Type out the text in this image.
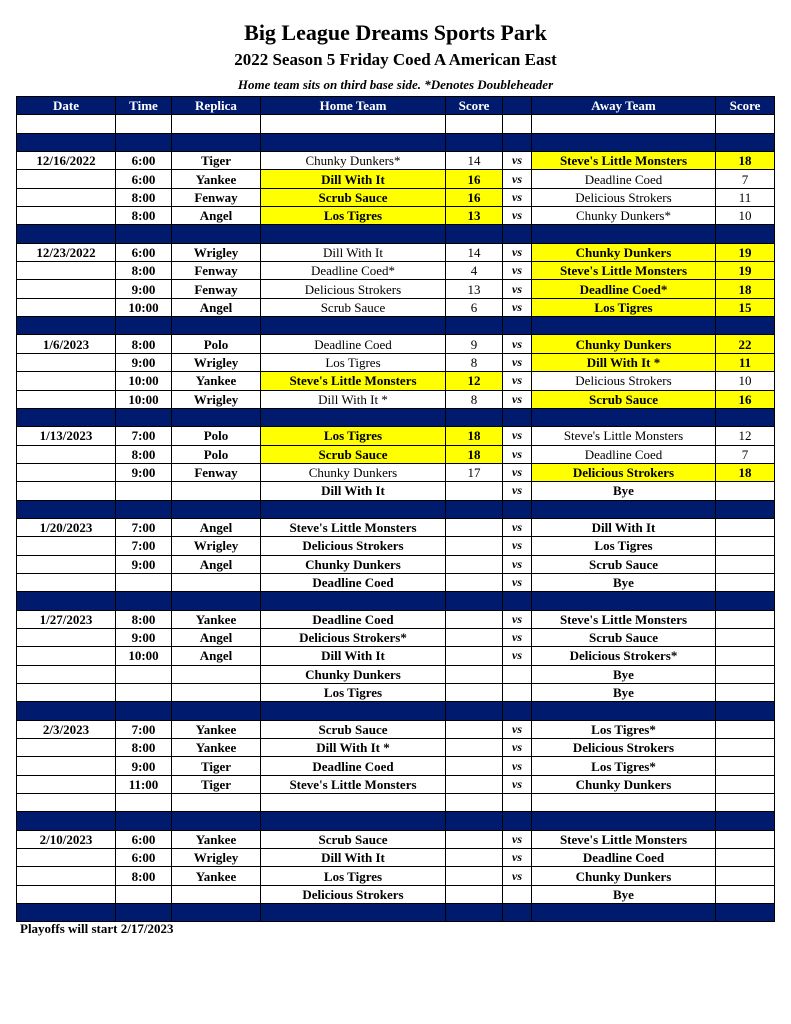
Big League Dreams Sports Park
2022 Season 5 Friday Coed A American East
Home team sits on third base side. *Denotes Doubleheader
Date	Time	Replica	Home Team	Score		Away Team	Score

12/16/2022	6:00	Tiger	Chunky Dunkers*	14	vs	Steve's Little Monsters	18
	6:00	Yankee	Dill With It	16	vs	Deadline Coed	7
	8:00	Fenway	Scrub Sauce	16	vs	Delicious Strokers	11
	8:00	Angel	Los Tigres	13	vs	Chunky Dunkers*	10

12/23/2022	6:00	Wrigley	Dill With It	14	vs	Chunky Dunkers	19
	8:00	Fenway	Deadline Coed*	4	vs	Steve's Little Monsters	19
	9:00	Fenway	Delicious Strokers	13	vs	Deadline Coed*	18
	10:00	Angel	Scrub Sauce	6	vs	Los Tigres	15

1/6/2023	8:00	Polo	Deadline Coed	9	vs	Chunky Dunkers	22
	9:00	Wrigley	Los Tigres	8	vs	Dill With It *	11
	10:00	Yankee	Steve's Little Monsters	12	vs	Delicious Strokers	10
	10:00	Wrigley	Dill With It *	8	vs	Scrub Sauce	16

1/13/2023	7:00	Polo	Los Tigres	18	vs	Steve's Little Monsters	12
	8:00	Polo	Scrub Sauce	18	vs	Deadline Coed	7
	9:00	Fenway	Chunky Dunkers	17	vs	Delicious Strokers	18
			Dill With It		vs	Bye	

1/20/2023	7:00	Angel	Steve's Little Monsters		vs	Dill With It	
	7:00	Wrigley	Delicious Strokers		vs	Los Tigres	
	9:00	Angel	Chunky Dunkers		vs	Scrub Sauce	
			Deadline Coed		vs	Bye	

1/27/2023	8:00	Yankee	Deadline Coed		vs	Steve's Little Monsters	
	9:00	Angel	Delicious Strokers*		vs	Scrub Sauce	
	10:00	Angel	Dill With It		vs	Delicious Strokers*	
			Chunky Dunkers			Bye	
			Los Tigres			Bye	

2/3/2023	7:00	Yankee	Scrub Sauce		vs	Los Tigres*	
	8:00	Yankee	Dill With It *		vs	Delicious Strokers	
	9:00	Tiger	Deadline Coed		vs	Los Tigres*	
	11:00	Tiger	Steve's Little Monsters		vs	Chunky Dunkers	

2/10/2023	6:00	Yankee	Scrub Sauce		vs	Steve's Little Monsters	
	6:00	Wrigley	Dill With It		vs	Deadline Coed	
	8:00	Yankee	Los Tigres		vs	Chunky Dunkers	
			Delicious Strokers			Bye	

Playoffs will start 2/17/2023
